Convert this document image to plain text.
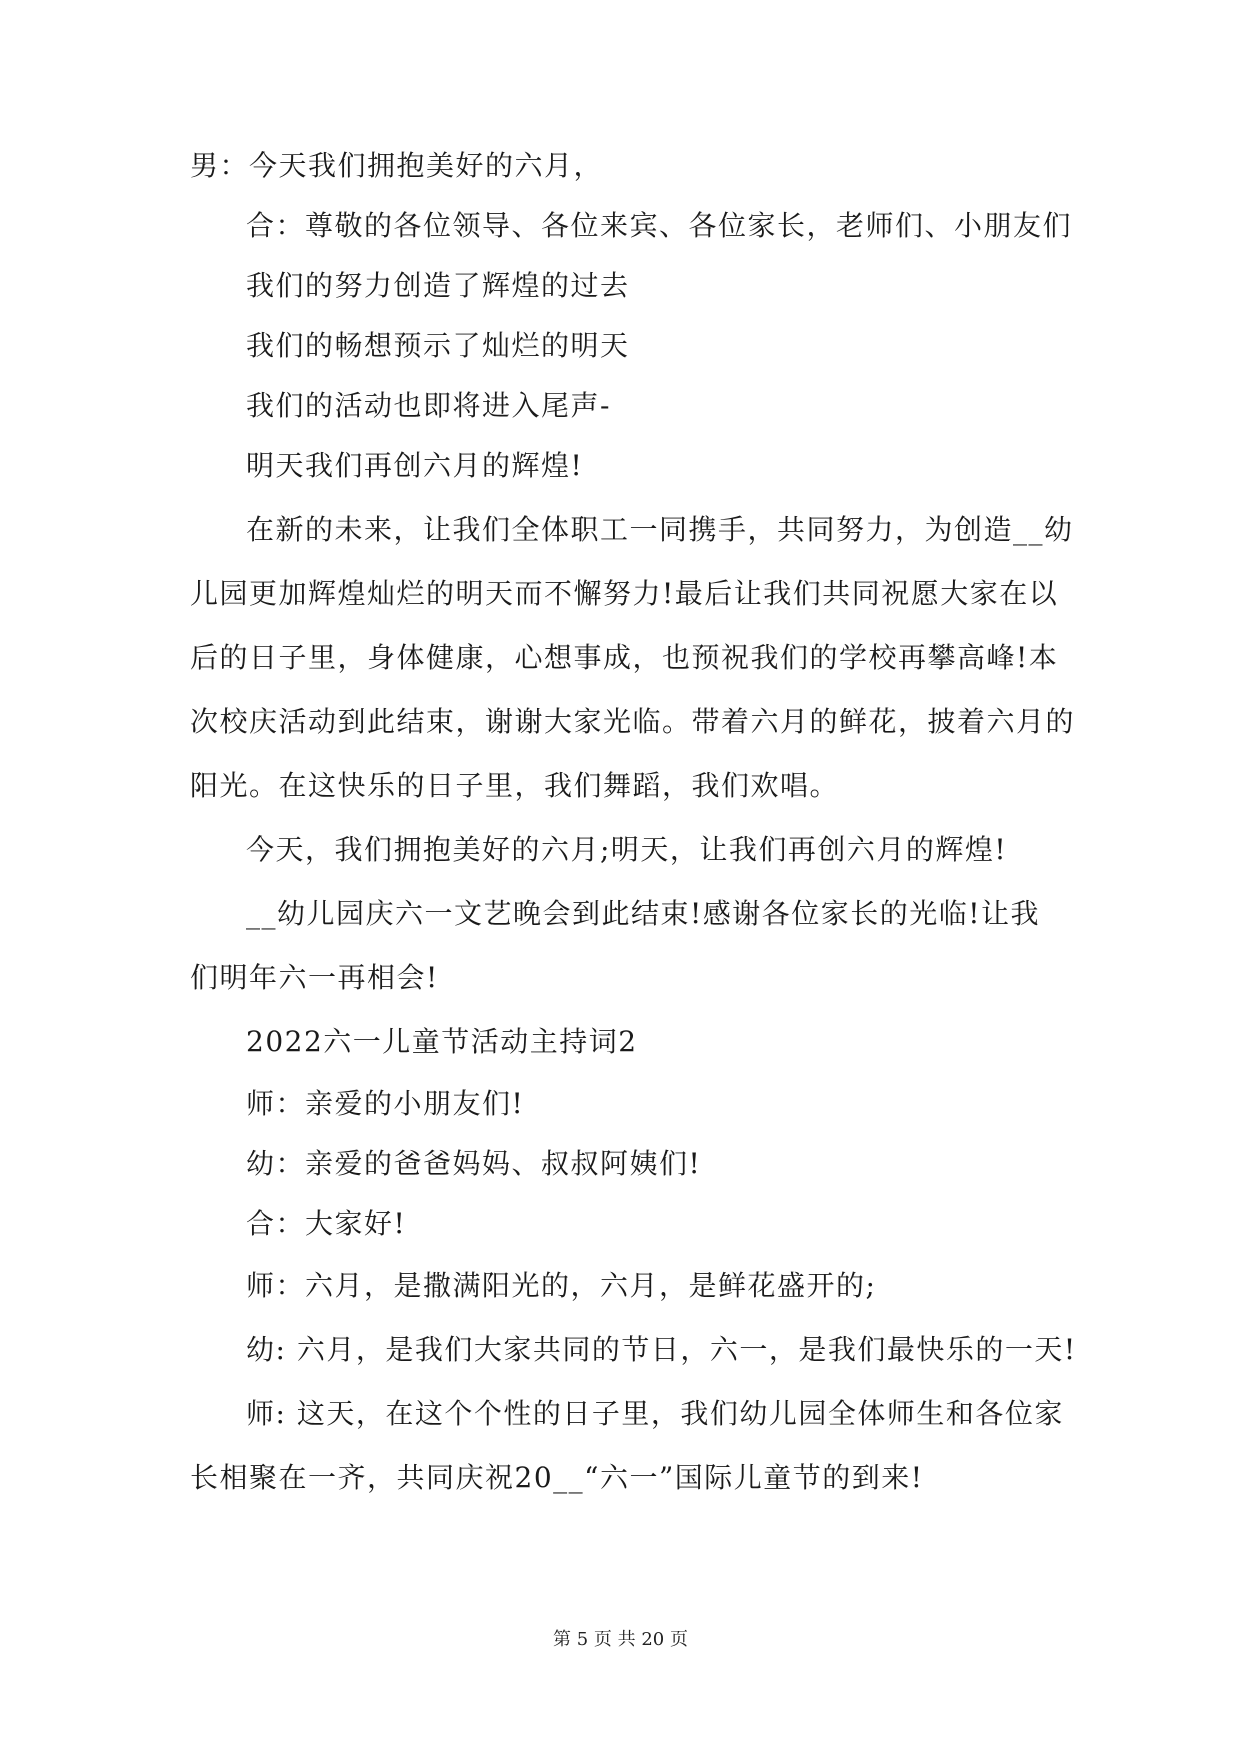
男：今天我们拥抱美好的六月，
合：尊敬的各位领导、各位来宾、各位家长，老师们、小朋友们
我们的努力创造了辉煌的过去
我们的畅想预示了灿烂的明天
我们的活动也即将进入尾声-
明天我们再创六月的辉煌!
在新的未来，让我们全体职工一同携手，共同努力，为创造__幼
儿园更加辉煌灿烂的明天而不懈努力!最后让我们共同祝愿大家在以
后的日子里，身体健康，心想事成，也预祝我们的学校再攀高峰!本
次校庆活动到此结束，谢谢大家光临。带着六月的鲜花，披着六月的
阳光。在这快乐的日子里，我们舞蹈，我们欢唱。
今天，我们拥抱美好的六月;明天，让我们再创六月的辉煌!
__幼儿园庆六一文艺晚会到此结束!感谢各位家长的光临!让我
们明年六一再相会!
2022六一儿童节活动主持词2
师：亲爱的小朋友们!
幼：亲爱的爸爸妈妈、叔叔阿姨们!
合：大家好!
师：六月，是撒满阳光的，六月，是鲜花盛开的;
幼: 六月，是我们大家共同的节日，六一，是我们最快乐的一天!
师: 这天，在这个个性的日子里，我们幼儿园全体师生和各位家
长相聚在一齐，共同庆祝20__“六一”国际儿童节的到来!
第 5 页 共 20 页
